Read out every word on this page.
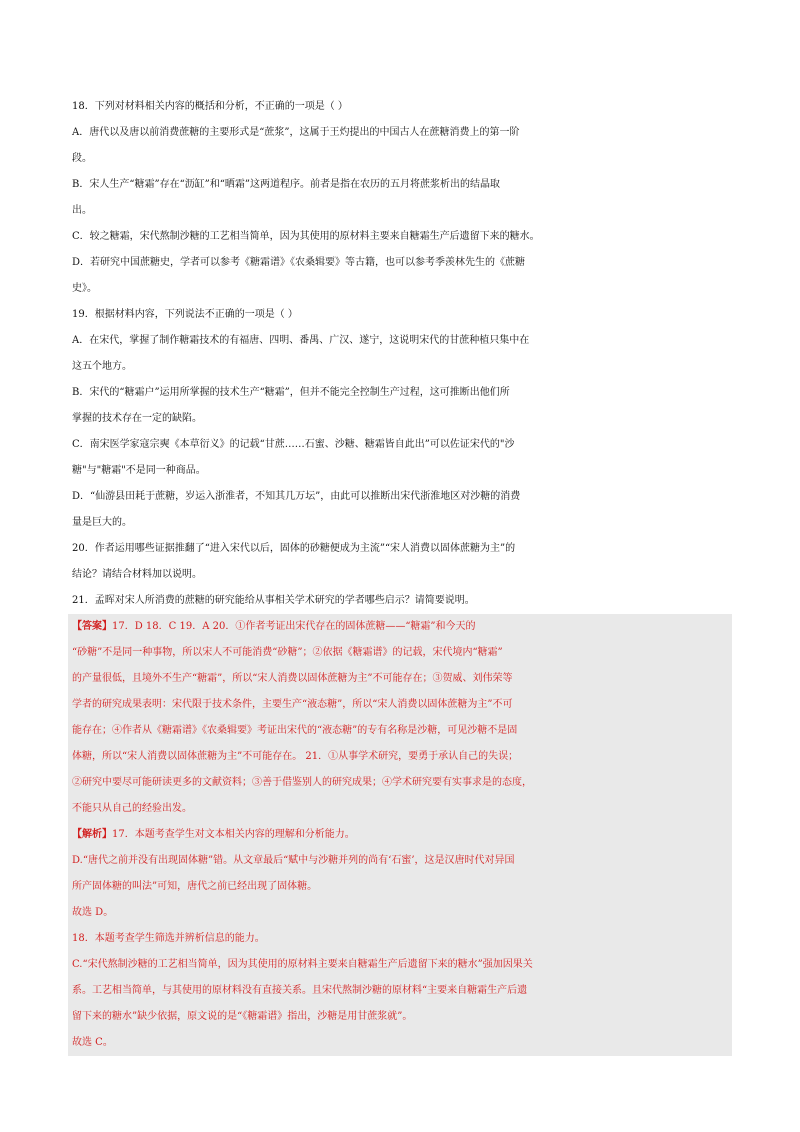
18．下列对材料相关内容的概括和分析，不正确的一项是（ ）
A．唐代以及唐以前消费蔗糖的主要形式是“蔗浆”，这属于王灼提出的中国古人在蔗糖消费上的第一阶
段。
B．宋人生产“糖霜”存在“沥缸”和“晒霜”这两道程序。前者是指在农历的五月将蔗浆析出的结晶取
出。
C．较之糖霜，宋代熬制沙糖的工艺相当简单，因为其使用的原材料主要来自糖霜生产后遗留下来的糖水。
D．若研究中国蔗糖史，学者可以参考《糖霜谱》《农桑辑要》等古籍，也可以参考季羡林先生的《蔗糖
史》。
19．根据材料内容，下列说法不正确的一项是（ ）
A．在宋代，掌握了制作糖霜技术的有福唐、四明、番禺、广汉、遂宁，这说明宋代的甘蔗种植只集中在
这五个地方。
B．宋代的“糖霜户”运用所掌握的技术生产“糖霜”，但并不能完全控制生产过程，这可推断出他们所
掌握的技术存在一定的缺陷。
C．南宋医学家寇宗奭《本草衍义》的记载“甘蔗……石蜜、沙糖、糖霜皆自此出”可以佐证宋代的"沙
糖"与"糖霜"不是同一种商品。
D．“仙游县田耗于蔗糖，岁运入浙淮者，不知其几万坛”，由此可以推断出宋代浙淮地区对沙糖的消费
量是巨大的。
20．作者运用哪些证据推翻了“进入宋代以后，固体的砂糖便成为主流”“宋人消费以固体蔗糖为主”的
结论？请结合材料加以说明。
21．孟晖对宋人所消费的蔗糖的研究能给从事相关学术研究的学者哪些启示？请简要说明。
【答案】17．D 18．C 19．A 20．①作者考证出宋代存在的固体蔗糖——“糖霜”和今天的
“砂糖”不是同一种事物，所以宋人不可能消费“砂糖”；②依据《糖霜谱》的记载，宋代境内“糖霜”
的产量很低，且境外不生产“糖霜”，所以“宋人消费以固体蔗糖为主”不可能存在；③贺威、刘伟荣等
学者的研究成果表明：宋代限于技术条件，主要生产“液态糖”，所以“宋人消费以固体蔗糖为主”不可
能存在；④作者从《糖霜谱》《农桑辑要》考证出宋代的“液态糖”的专有名称是沙糖，可见沙糖不是固
体糖，所以“宋人消费以固体蔗糖为主”不可能存在。 21．①从事学术研究，要勇于承认自己的失误；
②研究中要尽可能研读更多的文献资料；③善于借鉴别人的研究成果；④学术研究要有实事求是的态度，
不能只从自己的经验出发。
【解析】17．本题考查学生对文本相关内容的理解和分析能力。
D.“唐代之前并没有出现固体糖”错。从文章最后“赋中与沙糖并列的尚有‘石蜜’，这是汉唐时代对异国
所产固体糖的叫法”可知，唐代之前已经出现了固体糖。
故选 D。
18．本题考查学生筛选并辨析信息的能力。
C.“宋代熬制沙糖的工艺相当简单，因为其使用的原材料主要来自糖霜生产后遗留下来的糖水”强加因果关
系。工艺相当简单，与其使用的原材料没有直接关系。且宋代熬制沙糖的原材料“主要来自糖霜生产后遗
留下来的糖水”缺少依据，原文说的是“《糖霜谱》指出，沙糖是用甘蔗浆就”。
故选 C。
